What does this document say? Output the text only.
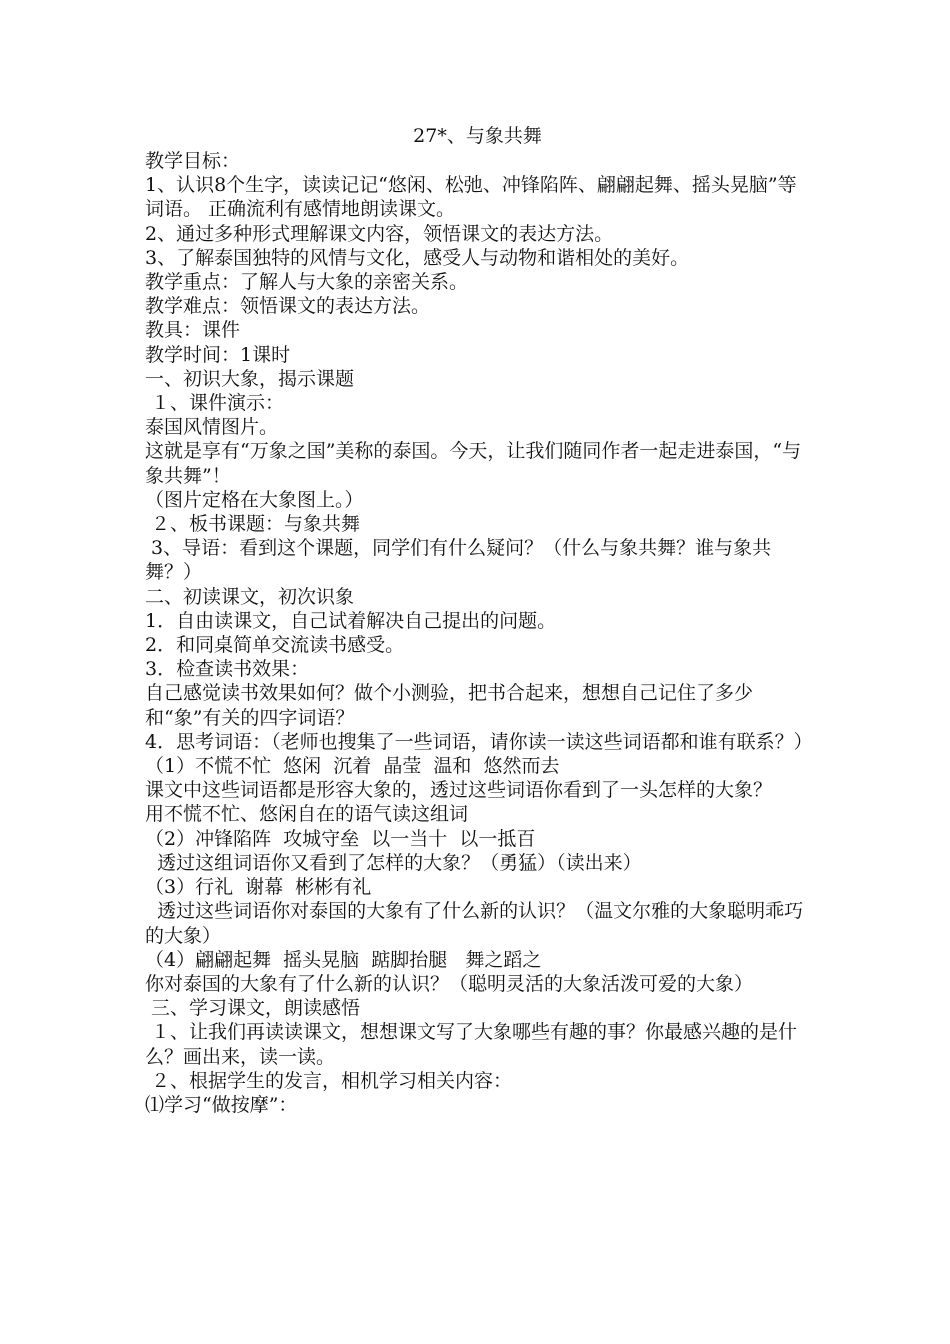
27*、与象共舞

教学目标：

1、认识8个生字，读读记记“悠闲、松弛、冲锋陷阵、翩翩起舞、摇头晃脑”等词语。 正确流利有感情地朗读课文。

2、通过多种形式理解课文内容，领悟课文的表达方法。

3、了解泰国独特的风情与文化，感受人与动物和谐相处的美好。

教学重点：了解人与大象的亲密关系。

教学难点：领悟课文的表达方法。

教具：课件

教学时间：1课时

一、初识大象，揭示课题

１、课件演示：

泰国风情图片。

这就是享有“万象之国”美称的泰国。今天，让我们随同作者一起走进泰国，“与象共舞”！

（图片定格在大象图上。）

２、板书课题：与象共舞

3、导语：看到这个课题，同学们有什么疑问？（什么与象共舞？谁与象共舞？）

二、初读课文，初次识象

1．自由读课文，自己试着解决自己提出的问题。

2．和同桌简单交流读书感受。

3．检查读书效果：

自己感觉读书效果如何？做个小测验，把书合起来，想想自己记住了多少和“象”有关的四字词语？

4．思考词语：（老师也搜集了一些词语，请你读一读这些词语都和谁有联系？）

（1）不慌不忙  悠闲  沉着  晶莹  温和  悠然而去

课文中这些词语都是形容大象的，透过这些词语你看到了一头怎样的大象？

用不慌不忙、悠闲自在的语气读这组词

（2）冲锋陷阵  攻城守垒  以一当十  以一抵百

透过这组词语你又看到了怎样的大象？（勇猛）（读出来）

（3）行礼  谢幕  彬彬有礼

透过这些词语你对泰国的大象有了什么新的认识？（温文尔雅的大象聪明乖巧的大象）

（4）翩翩起舞  摇头晃脑  踮脚抬腿   舞之蹈之

你对泰国的大象有了什么新的认识？（聪明灵活的大象活泼可爱的大象）

三、学习课文，朗读感悟

１、让我们再读读课文，想想课文写了大象哪些有趣的事？你最感兴趣的是什么？画出来，读一读。

２、根据学生的发言，相机学习相关内容：

⑴学习“做按摩”：
